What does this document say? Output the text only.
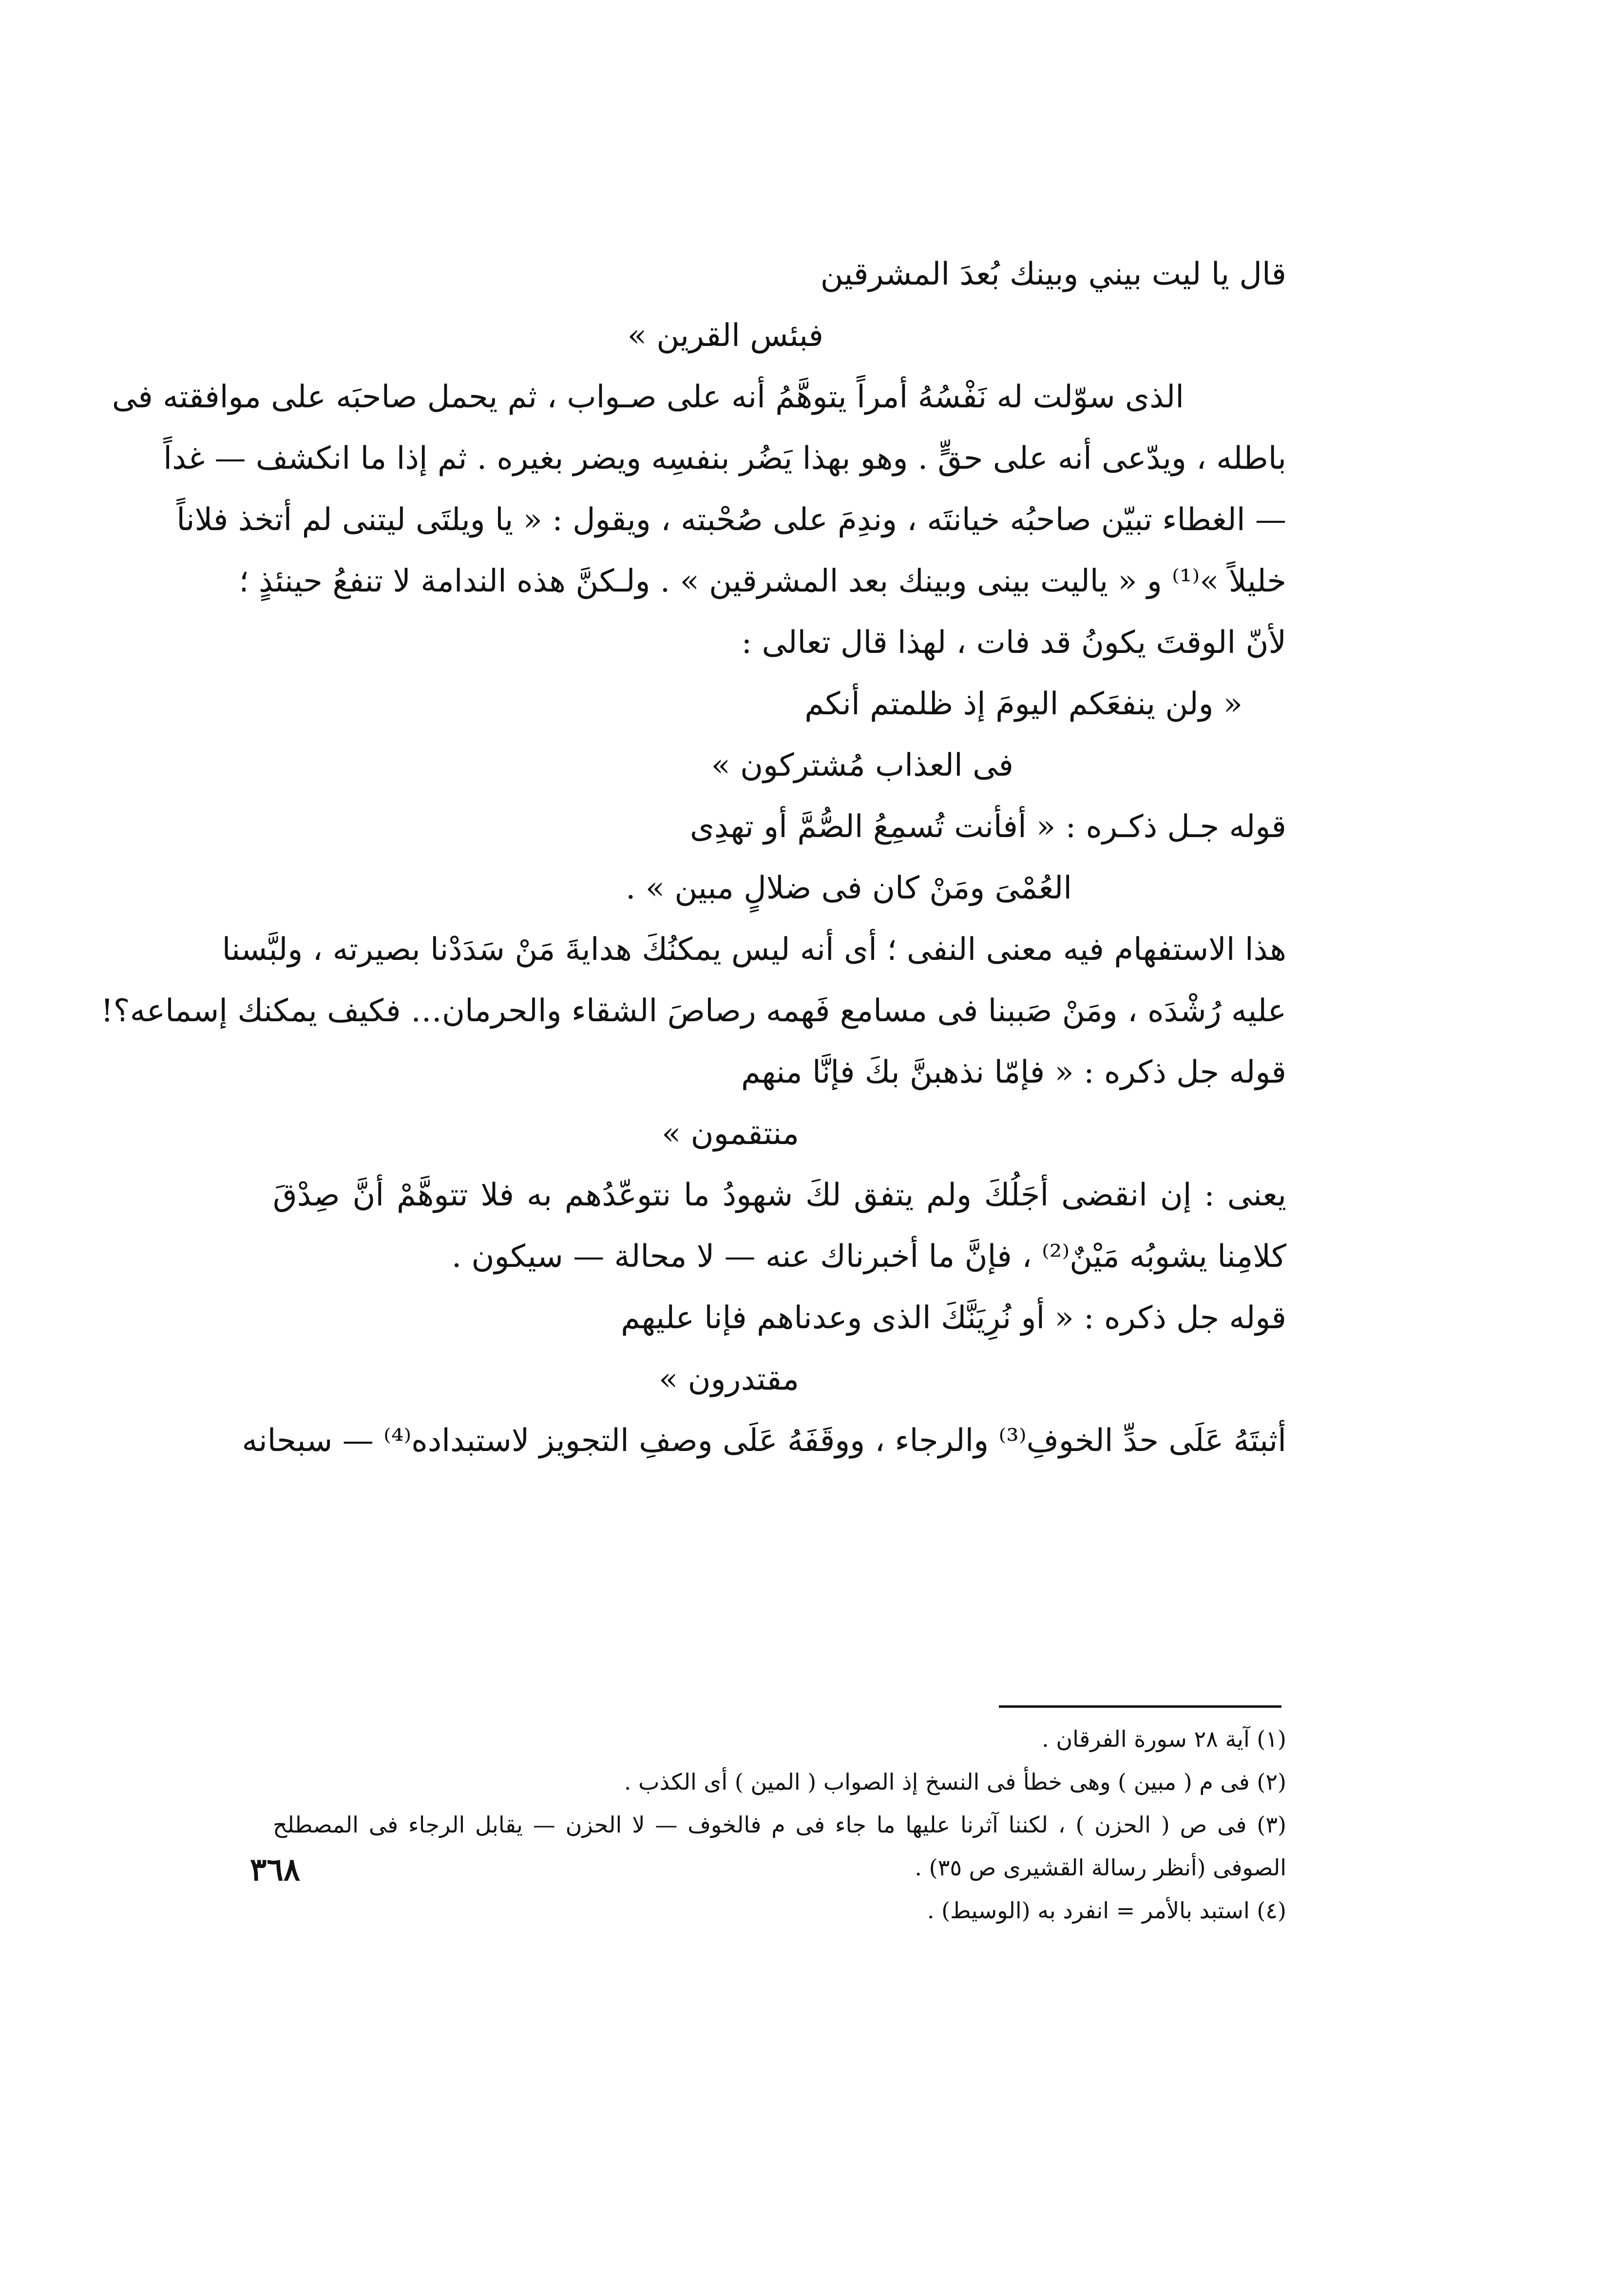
قال يا ليت بيني وبينك بُعدَ المشرقين
فبئس القرين »
الذى سوّلت له نَفْسُهُ أمراً يتوهَّمُ أنه على صـواب ، ثم يحمل صاحبَه على موافقته فى
باطله ، ويدّعى أنه على حقٍّ . وهو بهذا يَضُر بنفسِه ويضر بغيره . ثم إذا ما انكشف — غداً
— الغطاء تبيّن صاحبُه خيانتَه ، وندِمَ على صُحْبته ، ويقول : « يا ويلتَى ليتنى لم أتخذ فلاناً
خليلاً »⁽¹⁾ و « ياليت بينى وبينك بعد المشرقين » . ولـكنَّ هذه الندامة لا تنفعُ حينئذٍ ؛
لأنّ الوقتَ يكونُ قد فات ، لهذا قال تعالى :
« ولن ينفعَكم اليومَ إذ ظلمتم أنكم
فى العذاب مُشتركون »
قوله جـل ذكـره : « أفأنت تُسمِعُ الصُّمَّ أو تهدِى
العُمْىَ ومَنْ كان فى ضلالٍ مبين » .
هذا الاستفهام فيه معنى النفى ؛ أى أنه ليس يمكنُكَ هدايةَ مَنْ سَدَدْنا بصيرته ، ولبَّسنا
عليه رُشْدَه ، ومَنْ صَببنا فى مسامع فَهمه رصاصَ الشقاء والحرمان… فكيف يمكنك إسماعه؟!
قوله جل ذكره : « فإمّا نذهبنَّ بكَ فإنَّا منهم
منتقمون »
يعنى : إن انقضى أجَلُكَ ولم يتفق لكَ شهودُ ما نتوعّدُهم به فلا تتوهَّمْ أنَّ صِدْقَ
كلامِنا يشوبُه مَيْنٌ⁽²⁾ ، فإنَّ ما أخبرناك عنه — لا محالة — سيكون .
قوله جل ذكره : « أو نُرِيَنَّكَ الذى وعدناهم فإنا عليهم
مقتدرون »
أثبتَهُ عَلَى حدِّ الخوفِ⁽³⁾ والرجاء ، ووقَفَهُ عَلَى وصفِ التجويز لاستبداده⁽⁴⁾ — سبحانه
(١) آية ٢٨ سورة الفرقان .
(٢) فى م ( مبين ) وهى خطأ فى النسخ إذ الصواب ( المين ) أى الكذب .
(٣) فى ص ( الحزن ) ، لكننا آثرنا عليها ما جاء فى م فالخوف — لا الحزن — يقابل الرجاء فى المصطلح
الصوفى (أنظر رسالة القشيرى ص ٣٥) .
(٤) استبد بالأمر = انفرد به (الوسيط) .
٣٦٨
